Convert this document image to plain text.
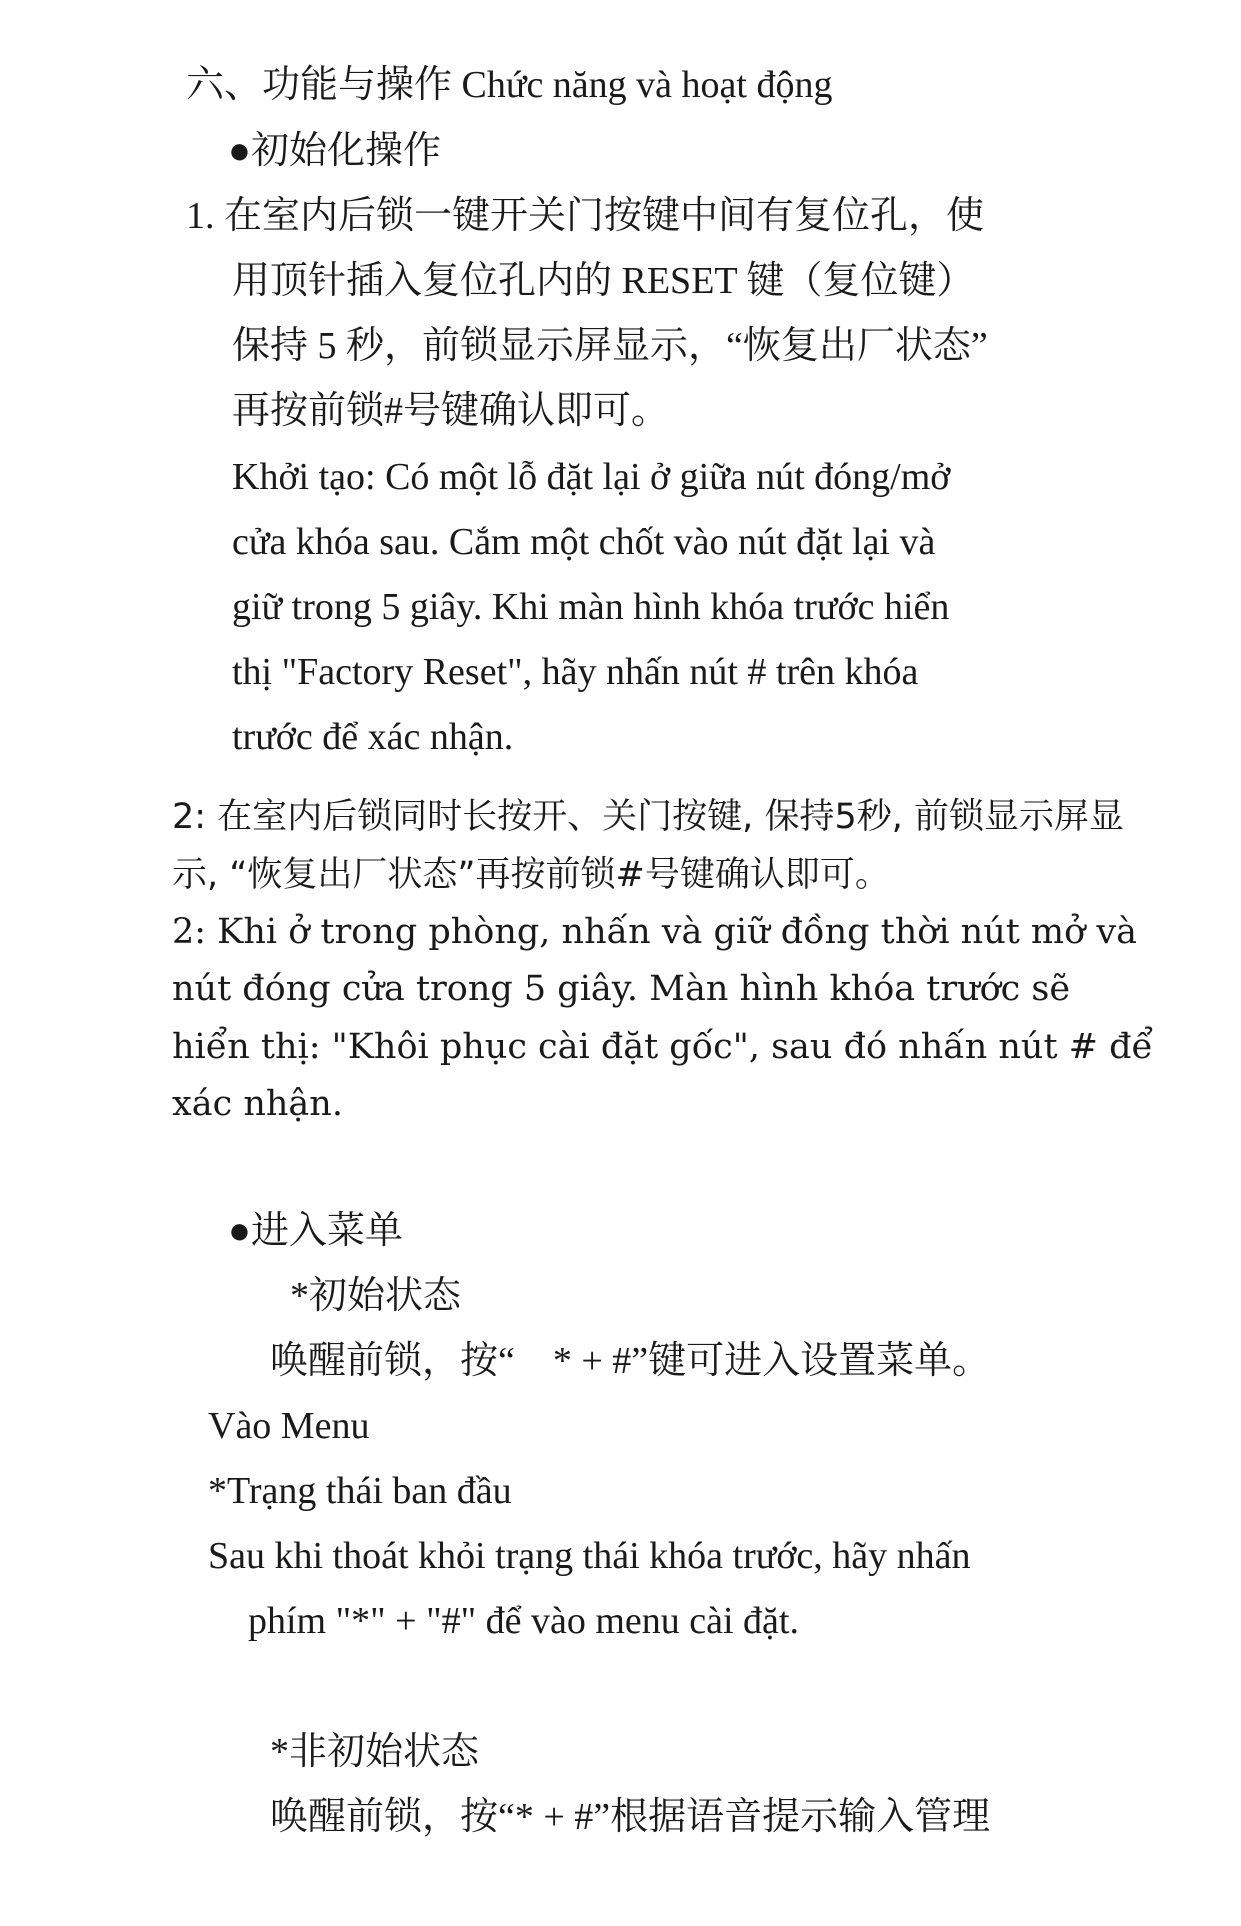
六、功能与操作 Chức năng và hoạt động
●初始化操作
1. 在室内后锁一键开关门按键中间有复位孔，使
用顶针插入复位孔内的 RESET 键（复位键）
保持 5 秒，前锁显示屏显示，“恢复出厂状态”
再按前锁#号键确认即可。
Khởi tạo: Có một lỗ đặt lại ở giữa nút đóng/mở
cửa khóa sau. Cắm một chốt vào nút đặt lại và
giữ trong 5 giây. Khi màn hình khóa trước hiển
thị "Factory Reset", hãy nhấn nút # trên khóa
trước để xác nhận.
2: 在室内后锁同时长按开、关门按键, 保持5秒, 前锁显示屏显
示, “恢复出厂状态”再按前锁#号键确认即可。
2: Khi ở trong phòng, nhấn và giữ đồng thời nút mở và
nút đóng cửa trong 5 giây. Màn hình khóa trước sẽ
hiển thị: "Khôi phục cài đặt gốc", sau đó nhấn nút # để
xác nhận.
●进入菜单
*初始状态
唤醒前锁，按“　* + #”键可进入设置菜单。
Vào Menu
*Trạng thái ban đầu
Sau khi thoát khỏi trạng thái khóa trước, hãy nhấn
phím "*" + "#" để vào menu cài đặt.
*非初始状态
唤醒前锁，按“* + #”根据语音提示输入管理
